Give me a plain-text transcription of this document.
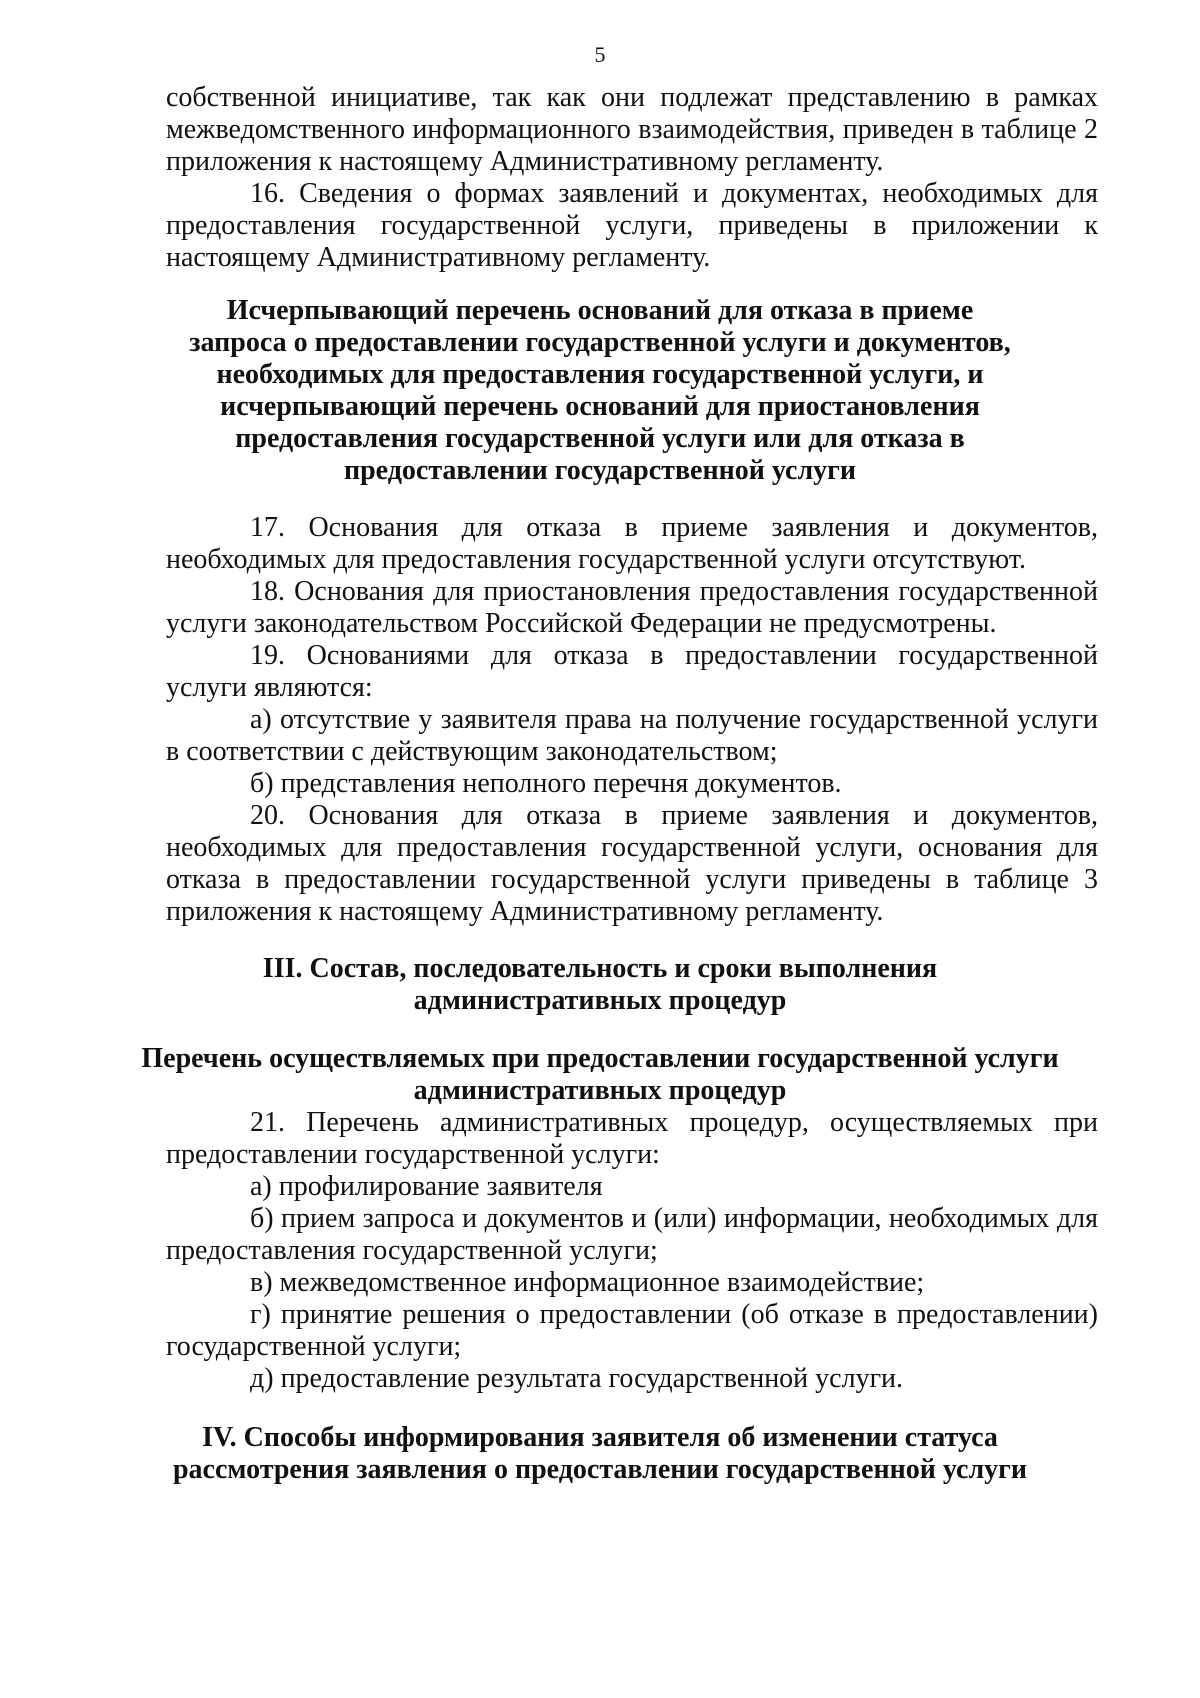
5
собственной инициативе, так как они подлежат представлению в рамках
межведомственного информационного взаимодействия, приведен в таблице 2
приложения к настоящему Административному регламенту.
16. Сведения о формах заявлений и документах, необходимых для
предоставления государственной услуги, приведены в приложении к
настоящему Административному регламенту.
Исчерпывающий перечень оснований для отказа в приеме
запроса о предоставлении государственной услуги и документов,
необходимых для предоставления государственной услуги, и
исчерпывающий перечень оснований для приостановления
предоставления государственной услуги или для отказа в
предоставлении государственной услуги
17. Основания для отказа в приеме заявления и документов,
необходимых для предоставления государственной услуги отсутствуют.
18. Основания для приостановления предоставления государственной
услуги законодательством Российской Федерации не предусмотрены.
19. Основаниями для отказа в предоставлении государственной
услуги являются:
а) отсутствие у заявителя права на получение государственной услуги
в соответствии с действующим законодательством;
б) представления неполного перечня документов.
20. Основания для отказа в приеме заявления и документов,
необходимых для предоставления государственной услуги, основания для
отказа в предоставлении государственной услуги приведены в таблице 3
приложения к настоящему Административному регламенту.
III. Состав, последовательность и сроки выполнения
административных процедур
Перечень осуществляемых при предоставлении государственной услуги
административных процедур
21. Перечень административных процедур, осуществляемых при
предоставлении государственной услуги:
а) профилирование заявителя
б) прием запроса и документов и (или) информации, необходимых для
предоставления государственной услуги;
в) межведомственное информационное взаимодействие;
г) принятие решения о предоставлении (об отказе в предоставлении)
государственной услуги;
д) предоставление результата государственной услуги.
IV. Способы информирования заявителя об изменении статуса
рассмотрения заявления о предоставлении государственной услуги
